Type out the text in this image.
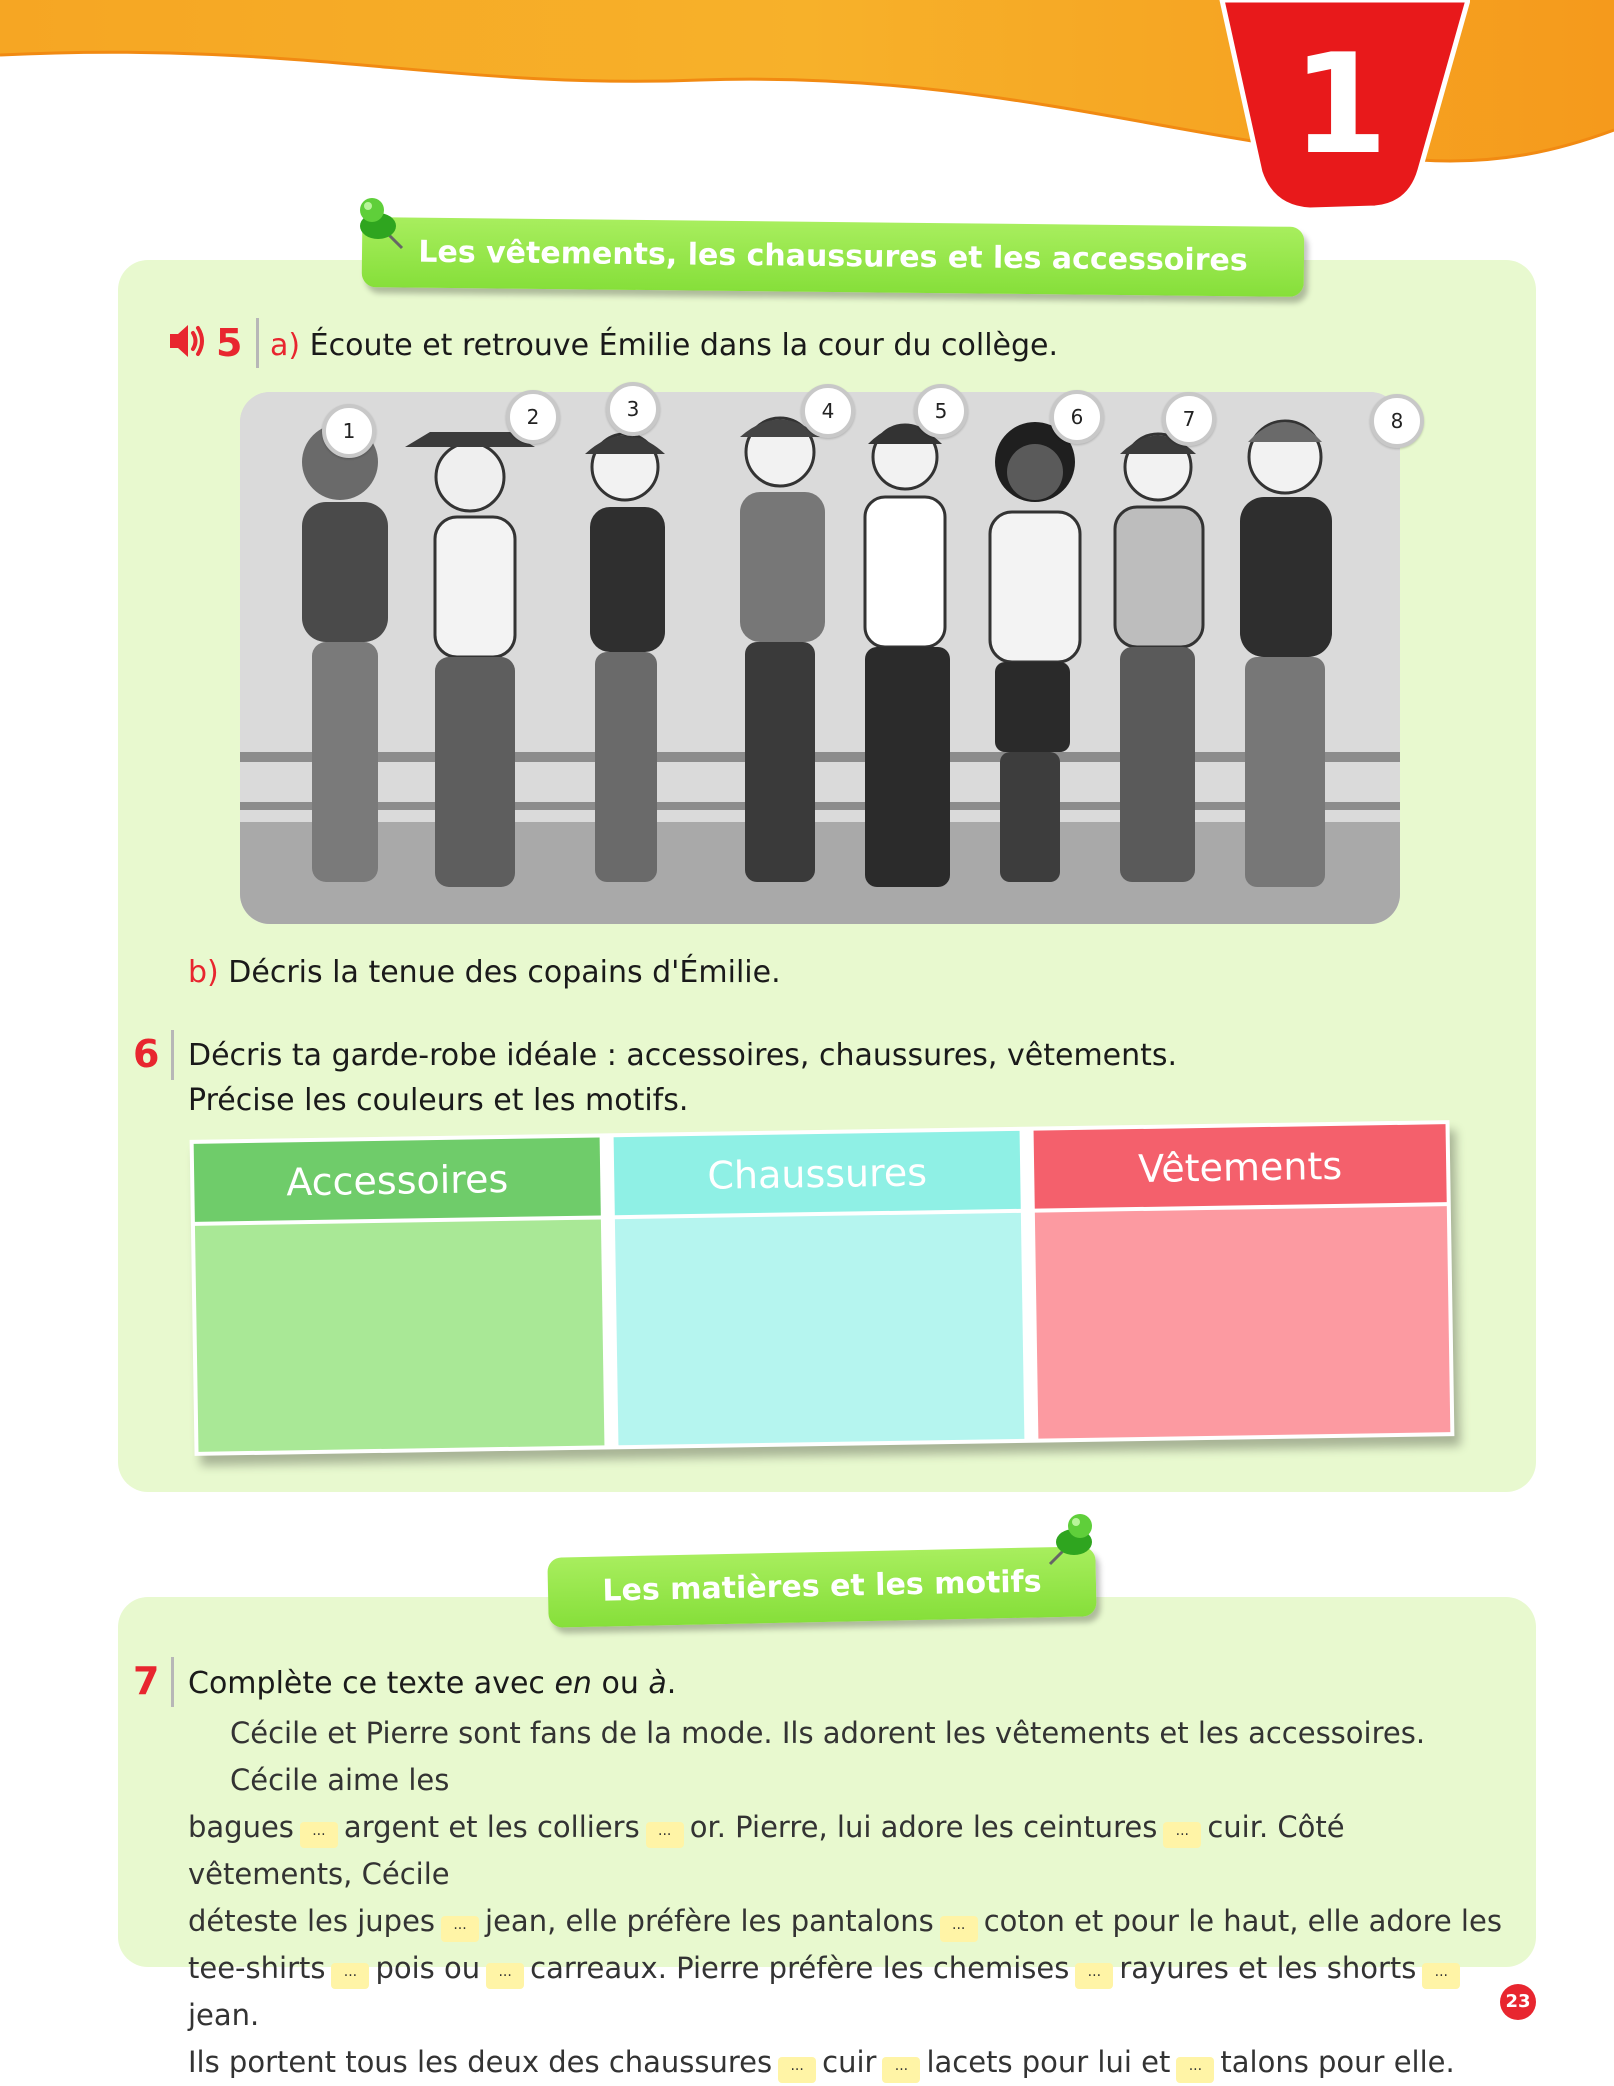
1
Les vêtements, les chaussures et les accessoires
5 a) Écoute et retrouve Émilie dans la cour du collège.
1
2	3	4	5	6	7	8
b) Décris la tenue des copains d'Émilie.
6 Décris ta garde-robe idéale : accessoires, chaussures, vêtements.
Précise les couleurs et les motifs.
Accessoires	Chaussures	Vêtements
Les matières et les motifs
7 Complète ce texte avec en ou à.
Cécile et Pierre sont fans de la mode. Ils adorent les vêtements et les accessoires. Cécile aime les
bagues ... argent et les colliers ... or. Pierre, lui adore les ceintures ... cuir. Côté vêtements, Cécile
déteste les jupes ... jean, elle préfère les pantalons ... coton et pour le haut, elle adore les
tee-shirts ... pois ou ... carreaux. Pierre préfère les chemises ... rayures et les shorts ...jean.
Ils portent tous les deux des chaussures ... cuir ... lacets pour lui et ... talons pour elle.
23
